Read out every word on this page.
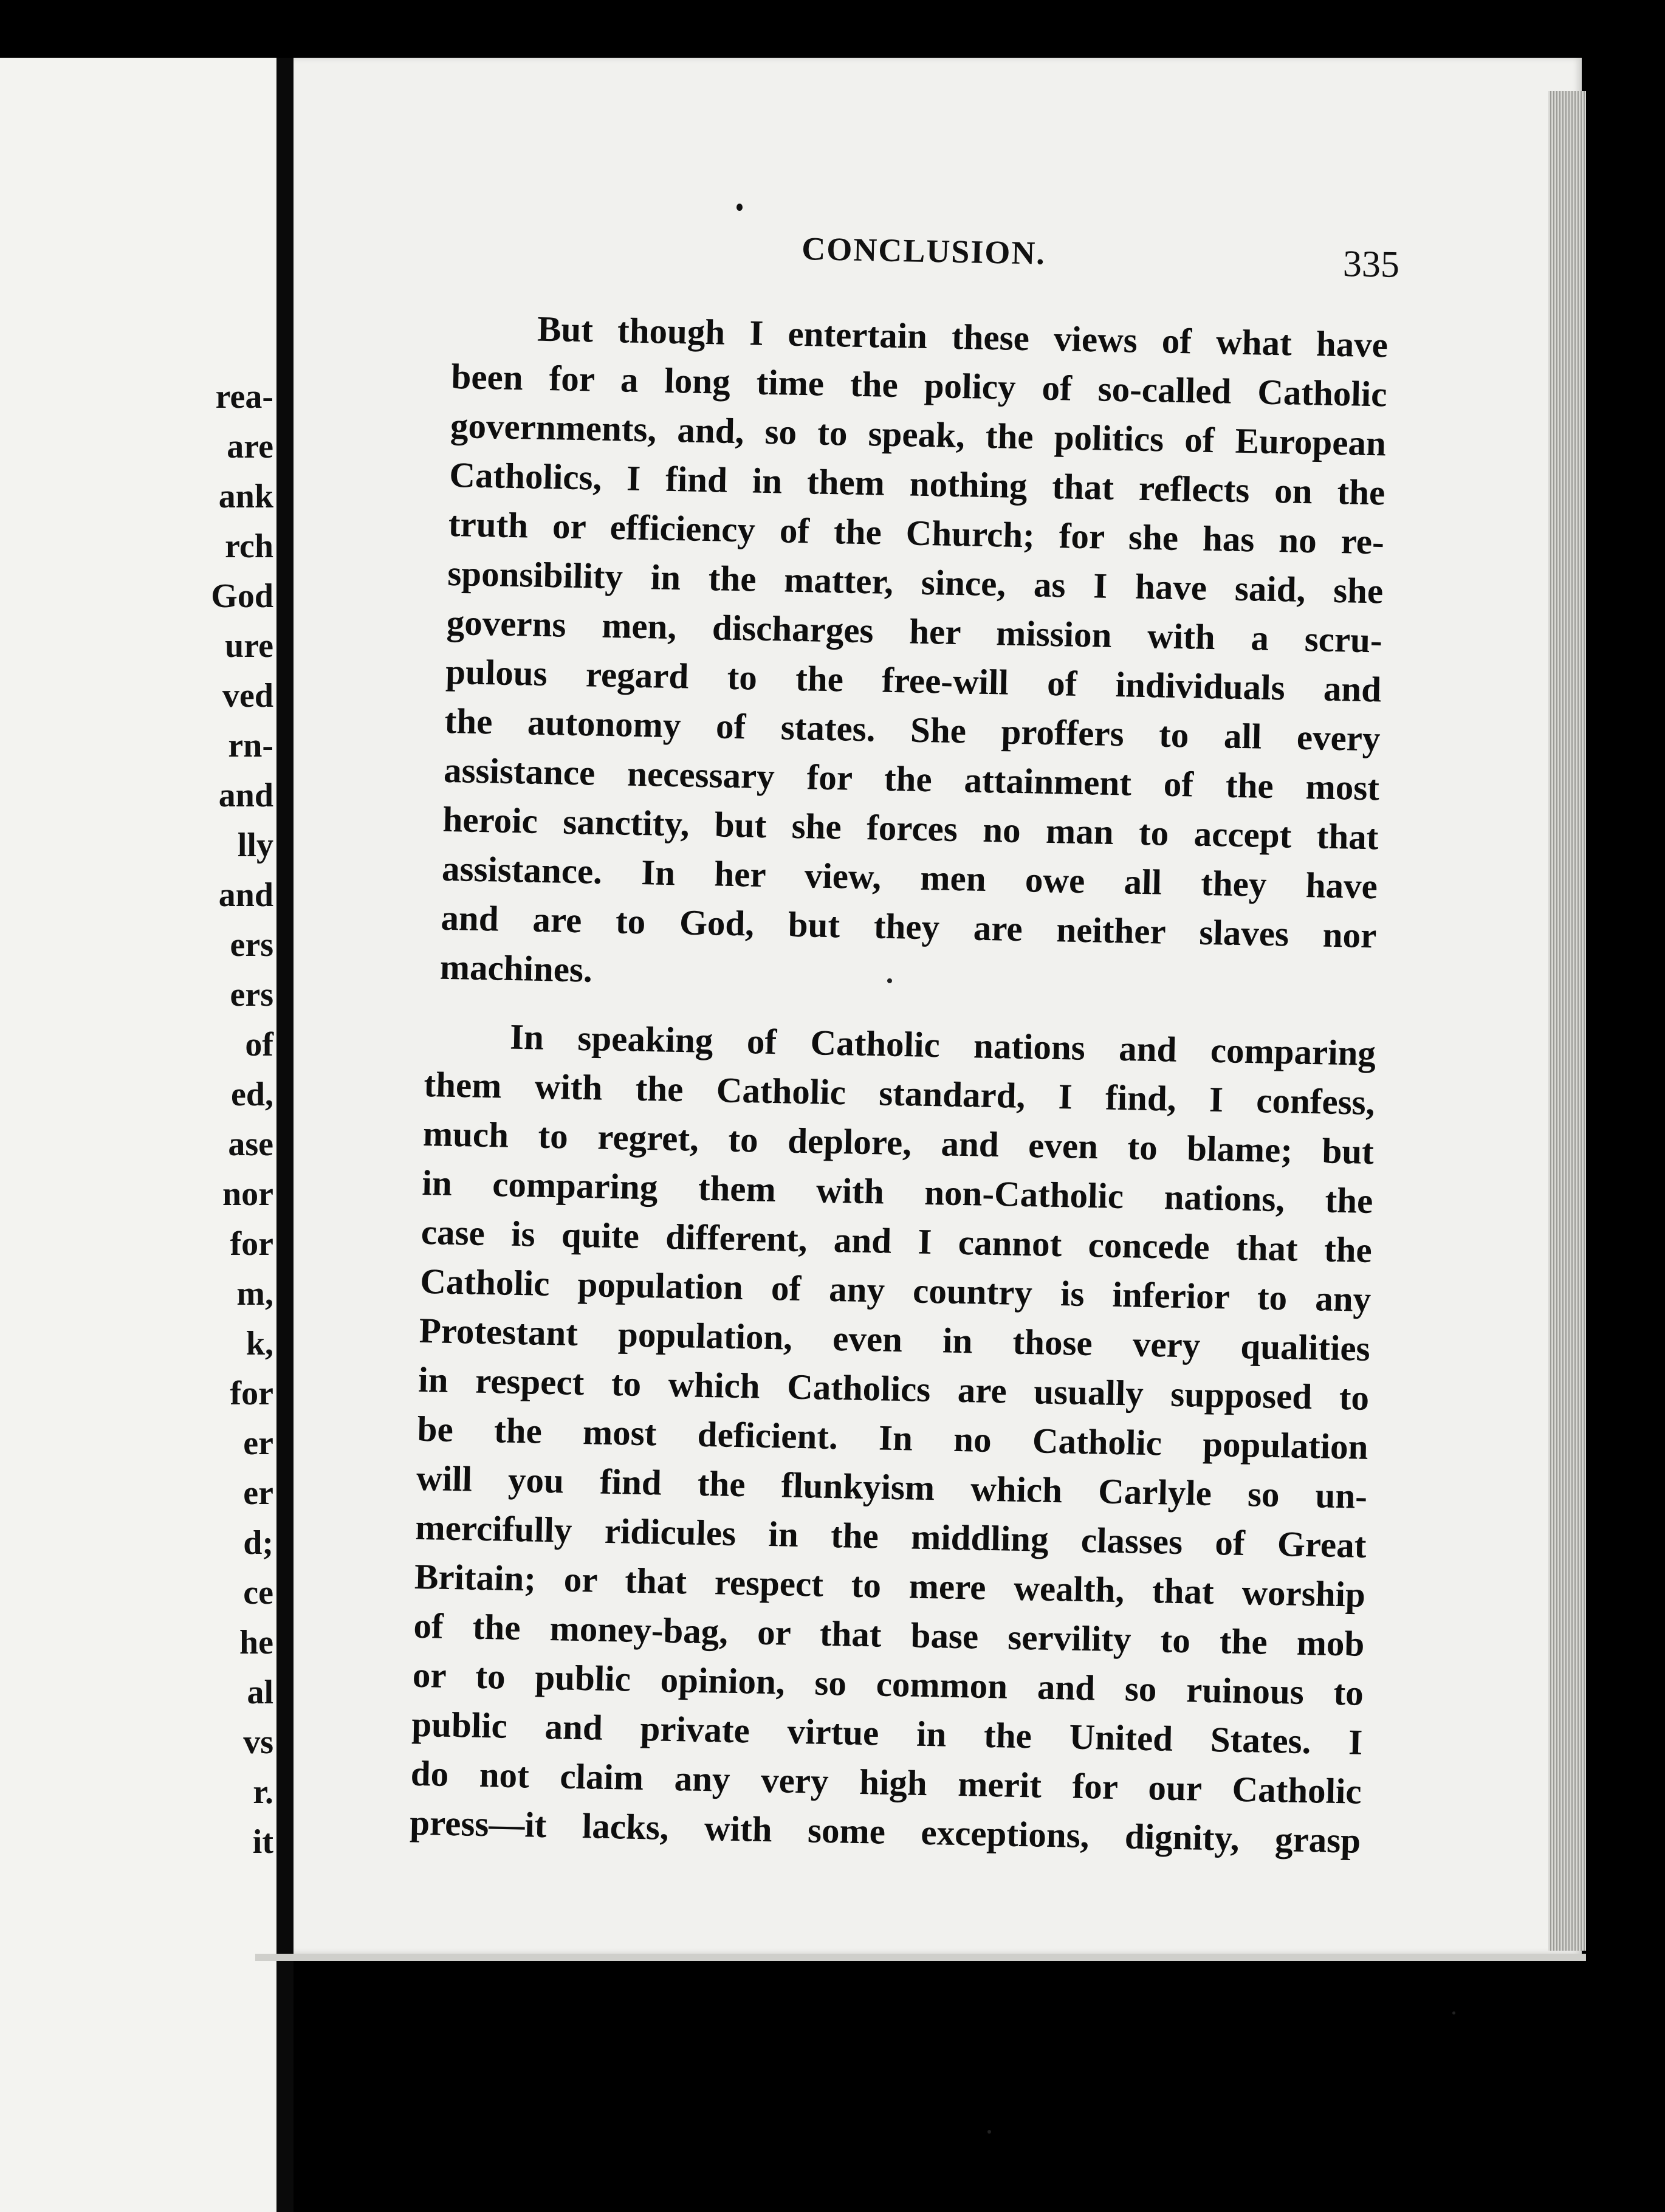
rea-
are
ank
rch
God
ure
ved
rn-
and
lly
and
ers
ers
of
ed,
ase
nor
for
m,
k,
for
er
er
d;
ce
he
al
vs
r.
it
CONCLUSION.	335
But though I entertain these views of what have
been for a long time the policy of so-called Catholic
governments, and, so to speak, the politics of European
Catholics, I find in them nothing that reflects on the
truth or efficiency of the Church; for she has no re-
sponsibility in the matter, since, as I have said, she
governs men, discharges her mission with a scru-
pulous regard to the free-will of individuals and
the autonomy of states. She proffers to all every
assistance necessary for the attainment of the most
heroic sanctity, but she forces no man to accept that
assistance. In her view, men owe all they have
and are to God, but they are neither slaves nor
machines.
In speaking of Catholic nations and comparing
them with the Catholic standard, I find, I confess,
much to regret, to deplore, and even to blame; but
in comparing them with non-Catholic nations, the
case is quite different, and I cannot concede that the
Catholic population of any country is inferior to any
Protestant population, even in those very qualities
in respect to which Catholics are usually supposed to
be the most deficient. In no Catholic population
will you find the flunkyism which Carlyle so un-
mercifully ridicules in the middling classes of Great
Britain; or that respect to mere wealth, that worship
of the money-bag, or that base servility to the mob
or to public opinion, so common and so ruinous to
public and private virtue in the United States. I
do not claim any very high merit for our Catholic
press—it lacks, with some exceptions, dignity, grasp
